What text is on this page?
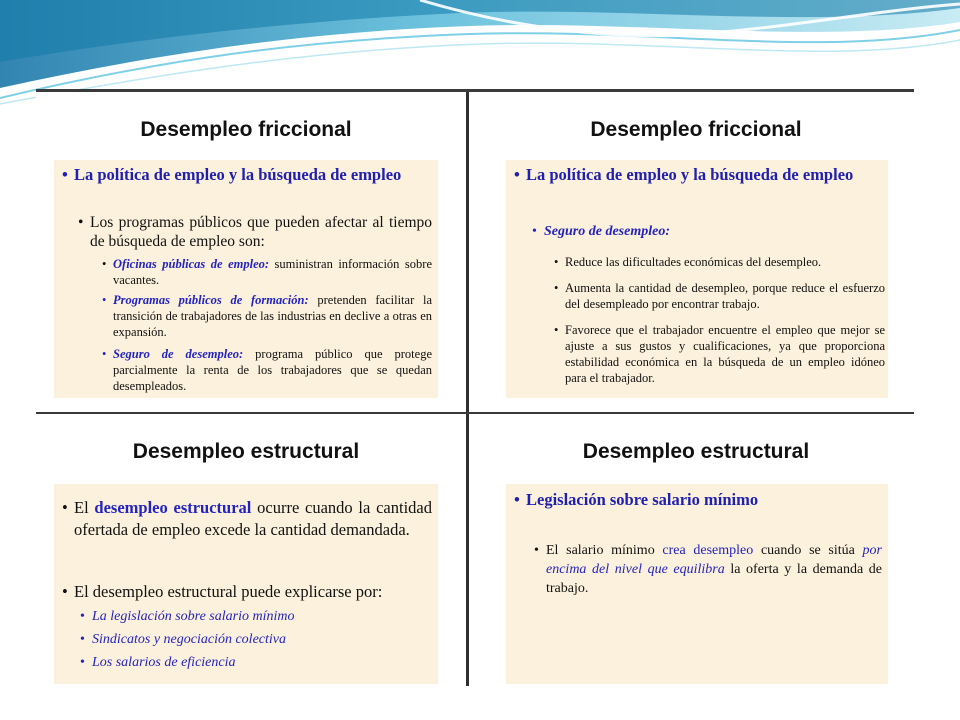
Desempleo friccional
• La política de empleo y la búsqueda de empleo
• Los programas públicos que pueden afectar al tiempo de búsqueda de empleo son:
• Oficinas públicas de empleo: suministran información sobre vacantes.
• Programas públicos de formación: pretenden facilitar la transición de trabajadores de las industrias en declive a otras en expansión.
• Seguro de desempleo: programa público que protege parcialmente la renta de los trabajadores que se quedan desempleados.
Desempleo friccional
• La política de empleo y la búsqueda de empleo
• Seguro de desempleo:
• Reduce las dificultades económicas del desempleo.
• Aumenta la cantidad de desempleo, porque reduce el esfuerzo del desempleado por encontrar trabajo.
• Favorece que el trabajador encuentre el empleo que mejor se ajuste a sus gustos y cualificaciones, ya que proporciona estabilidad económica en la búsqueda de un empleo idóneo para el trabajador.
Desempleo estructural
• El desempleo estructural ocurre cuando la cantidad ofertada de empleo excede la cantidad demandada.
• El desempleo estructural puede explicarse por:
• La legislación sobre salario mínimo
• Sindicatos y negociación colectiva
• Los salarios de eficiencia
Desempleo estructural
• Legislación sobre salario mínimo
• El salario mínimo crea desempleo cuando se sitúa por encima del nivel que equilibra la oferta y la demanda de trabajo.
